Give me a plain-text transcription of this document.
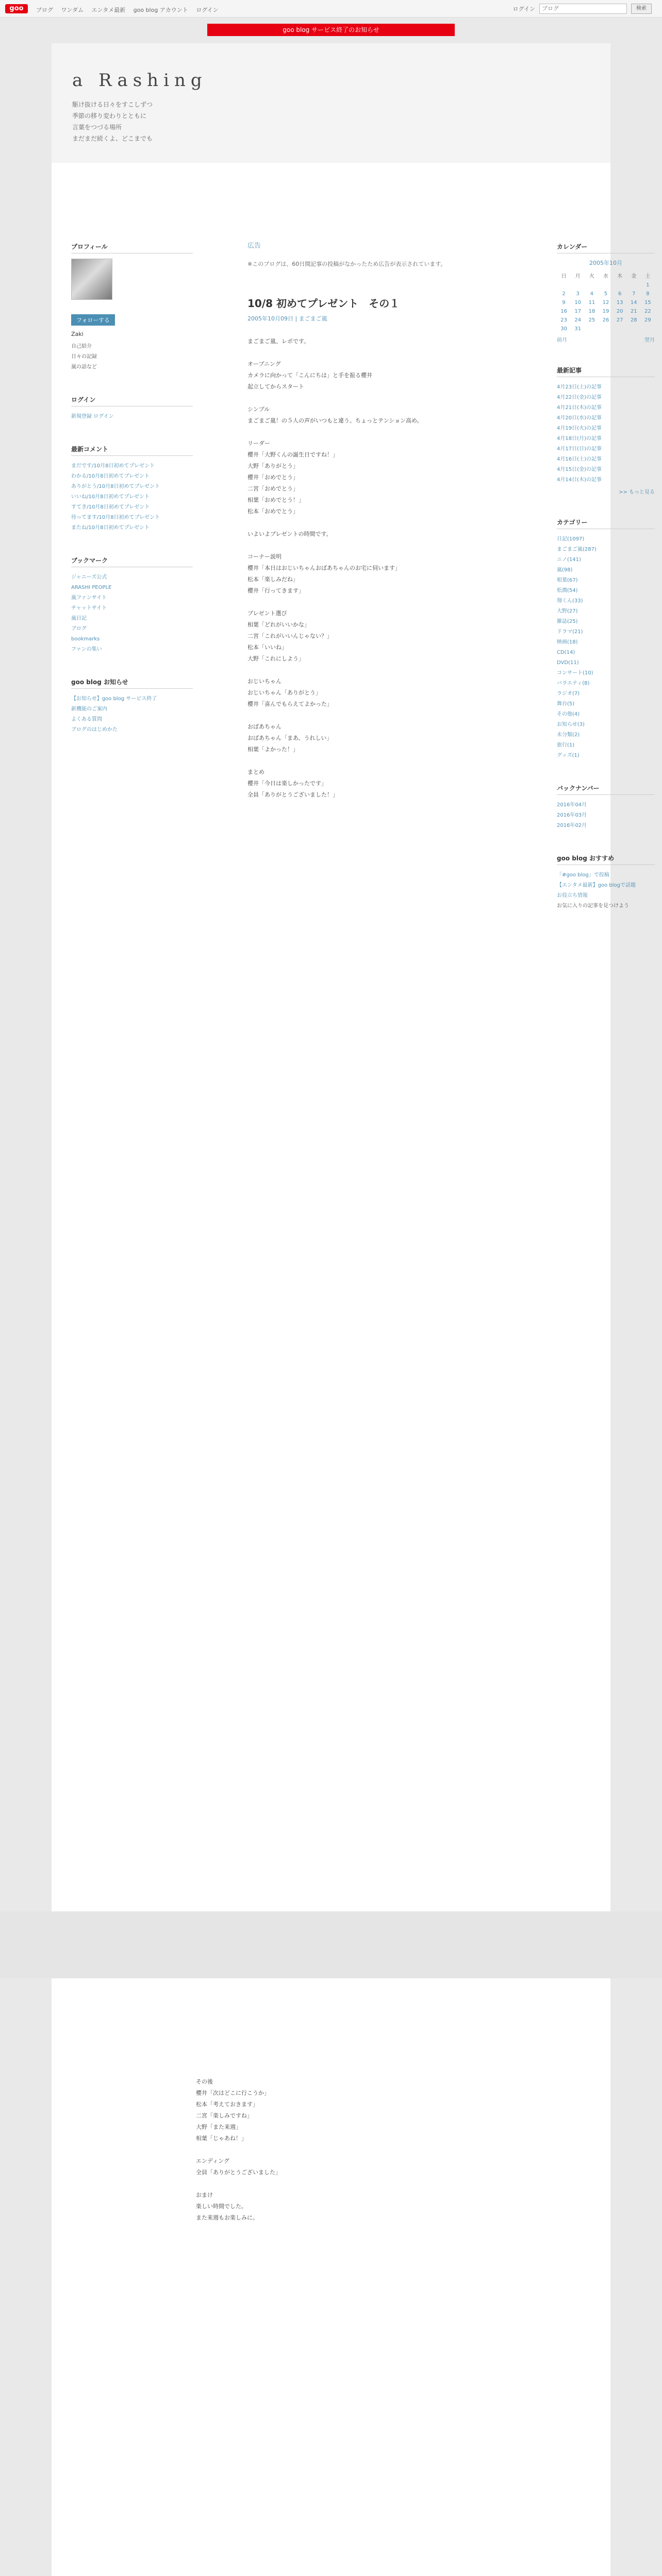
goo	ブログ ワンダム エンタメ最新 goo blog アカウント ログイン	ログイン
ブログ	検索
goo blog サービス終了のお知らせ
a Rashing
駆け抜ける日々をすこしずつ
季節の移り変わりとともに
言葉をつづる場所
まだまだ続くよ、どこまでも
プロフィール
フォローする
Zaki
自己紹介
日々の記録
嵐の話など
ログイン
新規登録 ログイン
最新コメント
まだです/10月8日初めてプレゼント
わかる/10月8日初めてプレゼント
ありがとう/10月8日初めてプレゼント
いいね/10月8日初めてプレゼント
すてき/10月8日初めてプレゼント
待ってます/10月8日初めてプレゼント
またね/10月8日初めてプレゼント
ブックマーク
ジャニーズ公式
ARASHI PEOPLE
嵐ファンサイト
チャットサイト
嵐日記
ブログ
bookmarks
ファンの集い
goo blog お知らせ
【お知らせ】goo blog サービス終了
新機能のご案内
よくある質問
ブログのはじめかた
広告
※このブログは、60日間記事の投稿がなかったため広告が表示されています。
10/8 初めてプレゼント　その１
2005年10月09日 | まごまご嵐
まごまご嵐、レポです。

オープニング
カメラに向かって「こんにちは」と手を振る櫻井
起立してからスタート

シンプル
まごまご嵐！の５人の声がいつもと違う。ちょっとテンション高め。

リーダー
櫻井「大野くんの誕生日ですね！」
大野「ありがとう」
櫻井「おめでとう」
二宮「おめでとう」
相葉「おめでとう！」
松本「おめでとう」

いよいよプレゼントの時間です。

コーナー説明
櫻井「本日はおじいちゃんおばあちゃんのお宅に伺います」
松本「楽しみだね」
櫻井「行ってきます」

プレゼント選び
相葉「どれがいいかな」
二宮「これがいいんじゃない？」
松本「いいね」
大野「これにしよう」

おじいちゃん
おじいちゃん「ありがとう」
櫻井「喜んでもらえてよかった」

おばあちゃん
おばあちゃん「まあ、うれしい」
相葉「よかった！」

まとめ
櫻井「今日は楽しかったです」
全員「ありがとうございました！」
カレンダー
2005年10月
日	月	火	水	木	金	土
						1
2	3	4	5	6	7	8
9	10	11	12	13	14	15
16	17	18	19	20	21	22
23	24	25	26	27	28	29
30	31					
前月	翌月
最新記事
4月23日(土)の記事
4月22日(金)の記事
4月21日(木)の記事
4月20日(水)の記事
4月19日(火)の記事
4月18日(月)の記事
4月17日(日)の記事
4月16日(土)の記事
4月15日(金)の記事
4月14日(木)の記事
>> もっと見る
カテゴリー
日記(1097)
まごまご嵐(287)
ニノ(141)
嵐(98)
相葉(67)
松潤(54)
翔くん(33)
大野(27)
雑誌(25)
ドラマ(21)
映画(18)
CD(14)
DVD(11)
コンサート(10)
バラエティ(8)
ラジオ(7)
舞台(5)
その他(4)
お知らせ(3)
未分類(2)
旅行(1)
グッズ(1)
バックナンバー
2016年04月
2016年03月
2016年02月
goo blog おすすめ
「#goo blog」で投稿
【エンタメ最新】goo blogで話題
お役立ち情報
お気に入りの記事を見つけよう
その後
櫻井「次はどこに行こうか」
松本「考えておきます」
二宮「楽しみですね」
大野「また来週」
相葉「じゃあね！」

エンディング
全員「ありがとうございました」

おまけ
楽しい時間でした。
また来週もお楽しみに。
